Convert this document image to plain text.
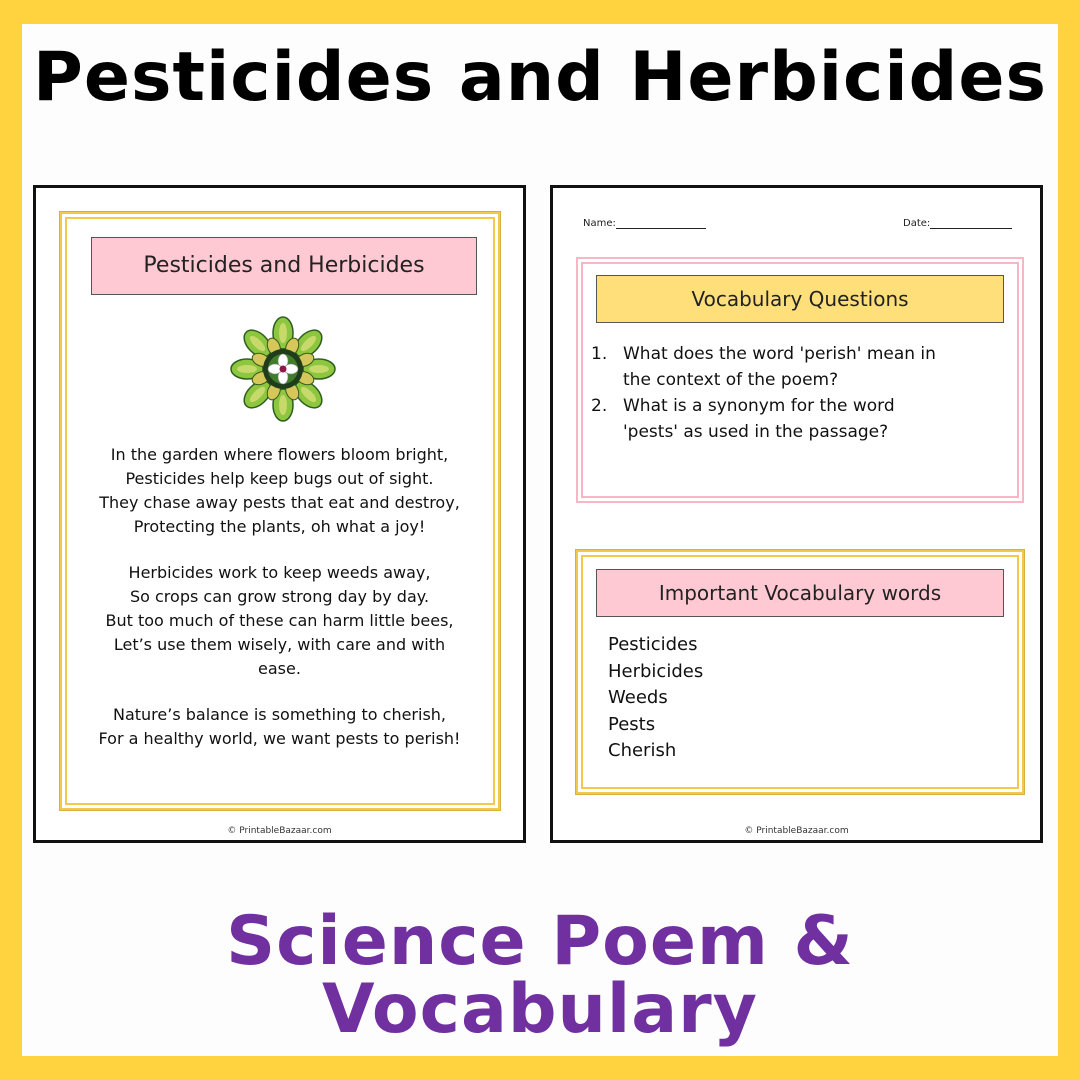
Pesticides and Herbicides
Pesticides and Herbicides
In the garden where flowers bloom bright,
Pesticides help keep bugs out of sight.
They chase away pests that eat and destroy,
Protecting the plants, oh what a joy!
Herbicides work to keep weeds away,
So crops can grow strong day by day.
But too much of these can harm little bees,
Let’s use them wisely, with care and with
ease.
Nature’s balance is something to cherish,
For a healthy world, we want pests to perish!
© PrintableBazaar.com
Name:	Date:
Vocabulary Questions
1. What does the word 'perish' mean in
the context of the poem?
2. What is a synonym for the word
'pests' as used in the passage?
Important Vocabulary words
Pesticides
Herbicides
Weeds
Pests
Cherish
© PrintableBazaar.com
Science Poem & Vocabulary
